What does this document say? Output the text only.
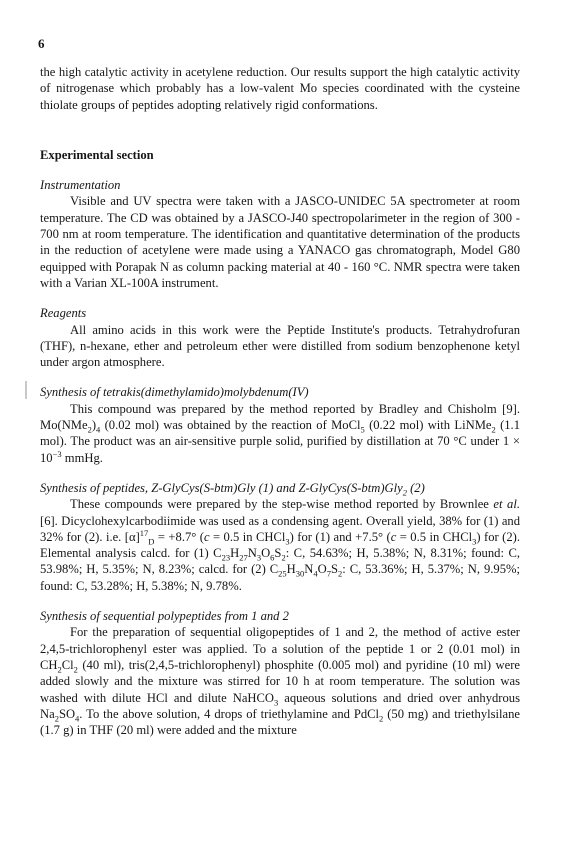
6

the high catalytic activity in acetylene reduction. Our results support the high catalytic activity of nitrogenase which probably has a low-valent Mo species coordinated with the cysteine thiolate groups of peptides adopting relatively rigid conformations.

Experimental section

Instrumentation

Visible and UV spectra were taken with a JASCO-UNIDEC 5A spectrometer at room temperature. The CD was obtained by a JASCO-J40 spectropolarimeter in the region of 300 - 700 nm at room temperature. The identification and quantitative determination of the products in the reduction of acetylene were made using a YANACO gas chromatograph, Model G80 equipped with Porapak N as column packing material at 40 - 160 °C. NMR spectra were taken with a Varian XL-100A instrument.

Reagents

All amino acids in this work were the Peptide Institute's products. Tetrahydrofuran (THF), n-hexane, ether and petroleum ether were distilled from sodium benzophenone ketyl under argon atmosphere.

Synthesis of tetrakis(dimethylamido)molybdenum(IV)

This compound was prepared by the method reported by Bradley and Chisholm [9]. $Mo(NMe_2)_4$ (0.02 mol) was obtained by the reaction of MoCl$_5$ (0.22 mol) with LiNMe$_2$ (1.1 mol). The product was an air-sensitive purple solid, purified by distillation at 70 °C under $1 \times 10^{-3}$ mmHg.

Synthesis of peptides, Z-GlyCys(S-btm)Gly (1) and Z-GlyCys(S-btm)Gly$_2$ (2)

These compounds were prepared by the step-wise method reported by Brownlee et al. [6]. Dicyclohexylcarbodiimide was used as a condensing agent. Overall yield, 38% for (1) and 32% for (2). i.e. $[\alpha]^{17}_D = +8.7^\circ$ (c = 0.5 in CHCl$_3$) for (1) and +7.5° (c = 0.5 in CHCl$_3$) for (2). Elemental analysis calcd. for (1) $C_{23}H_{27}N_3O_6S_2$: C, 54.63%; H, 5.38%; N, 8.31%; found: C, 53.98%; H, 5.35%; N, 8.23%; calcd. for (2) $C_{25}H_{30}N_4O_7S_2$: C, 53.36%; H, 5.37%; N, 9.95%; found: C, 53.28%; H, 5.38%; N, 9.78%.

Synthesis of sequential polypeptides from 1 and 2

For the preparation of sequential oligopeptides of 1 and 2, the method of active ester 2,4,5-trichlorophenyl ester was applied. To a solution of the peptide 1 or 2 (0.01 mol) in $CH_2Cl_2$ (40 ml), tris(2,4,5-trichlorophenyl) phosphite (0.005 mol) and pyridine (10 ml) were added slowly and the mixture was stirred for 10 h at room temperature. The solution was washed with dilute HCl and dilute NaHCO$_3$ aqueous solutions and dried over anhydrous $Na_2SO_4$. To the above solution, 4 drops of triethylamine and PdCl$_2$ (50 mg) and triethylsilane (1.7 g) in THF (20 ml) were added and the mixture
